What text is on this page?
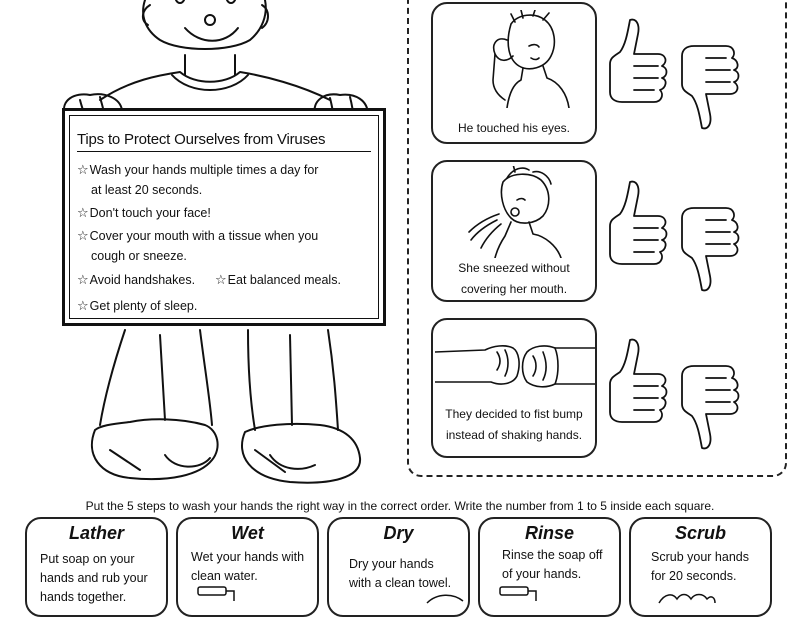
Tips to Protect Ourselves from Viruses
☆Wash your hands multiple times a day for
at least 20 seconds.
☆Don't touch your face!
☆Cover your mouth with a tissue when you
cough or sneeze.
☆Avoid handshakes. ☆Eat balanced meals.
☆Get plenty of sleep.
He touched his eyes.
She sneezed without
covering her mouth.
They decided to fist bump
instead of shaking hands.
Put the 5 steps to wash your hands the right way in the correct order. Write the number from 1 to 5 inside each square.
Lather
Put soap on your
hands and rub your
hands together.
Wet
Wet your hands with
clean water.
Dry
Dry your hands
with a clean towel.
Rinse
Rinse the soap off
of your hands.
Scrub
Scrub your hands
for 20 seconds.
